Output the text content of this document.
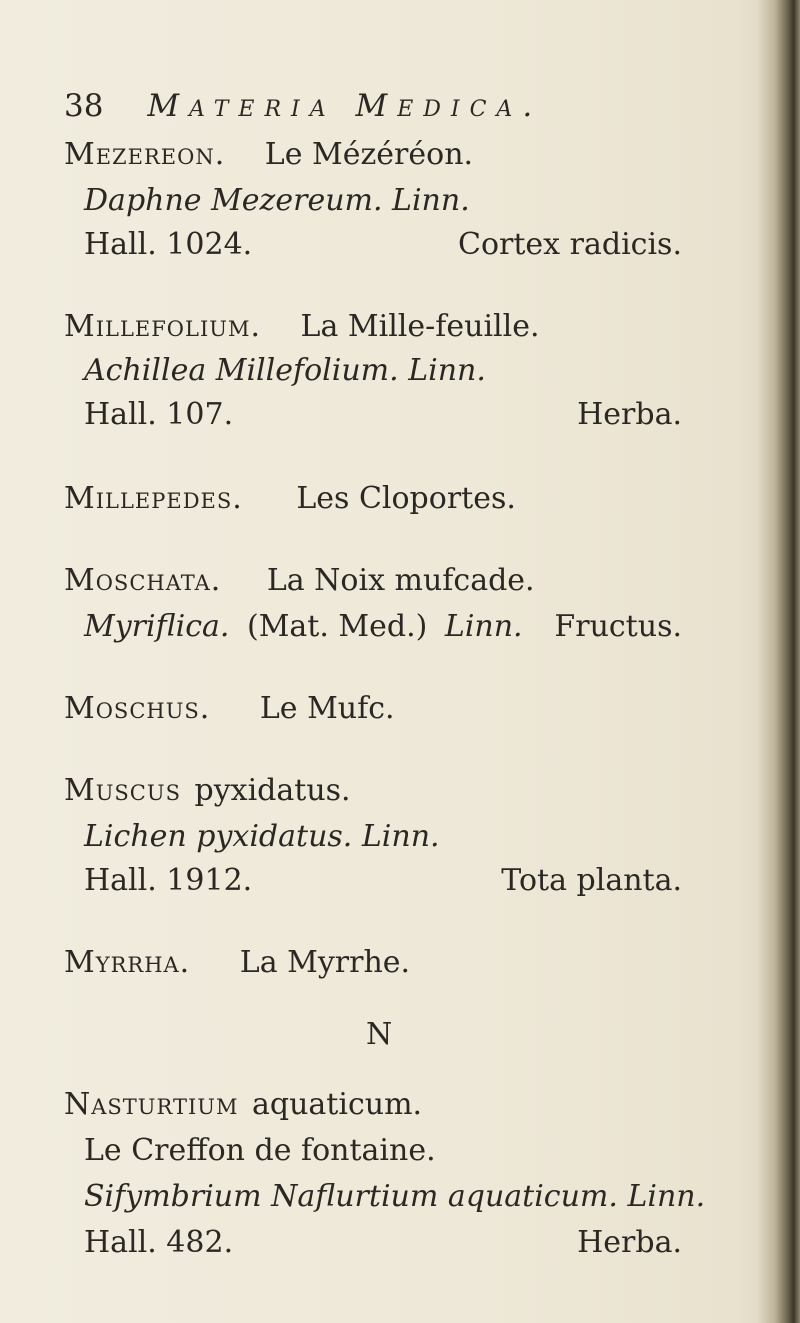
38 Materia Medica.
Mezereon. Le Mézéréon.
Daphne Mezereum. Linn.
Hall. 1024.	Cortex radicis.
Millefolium. La Mille-feuille.
Achillea Millefolium. Linn.
Hall. 107.	Herba.
Millepedes. Les Cloportes.
Moschata. La Noix mufcade.
Myriflica. (Mat. Med.) Linn. Fructus.
Moschus. Le Mufc.
Muscus pyxidatus.
Lichen pyxidatus. Linn.
Hall. 1912.	Tota planta.
Myrrha. La Myrrhe.
N
Nasturtium aquaticum.
Le Creffon de fontaine.
Sifymbrium Naflurtium aquaticum. Linn.
Hall. 482.	Herba.
